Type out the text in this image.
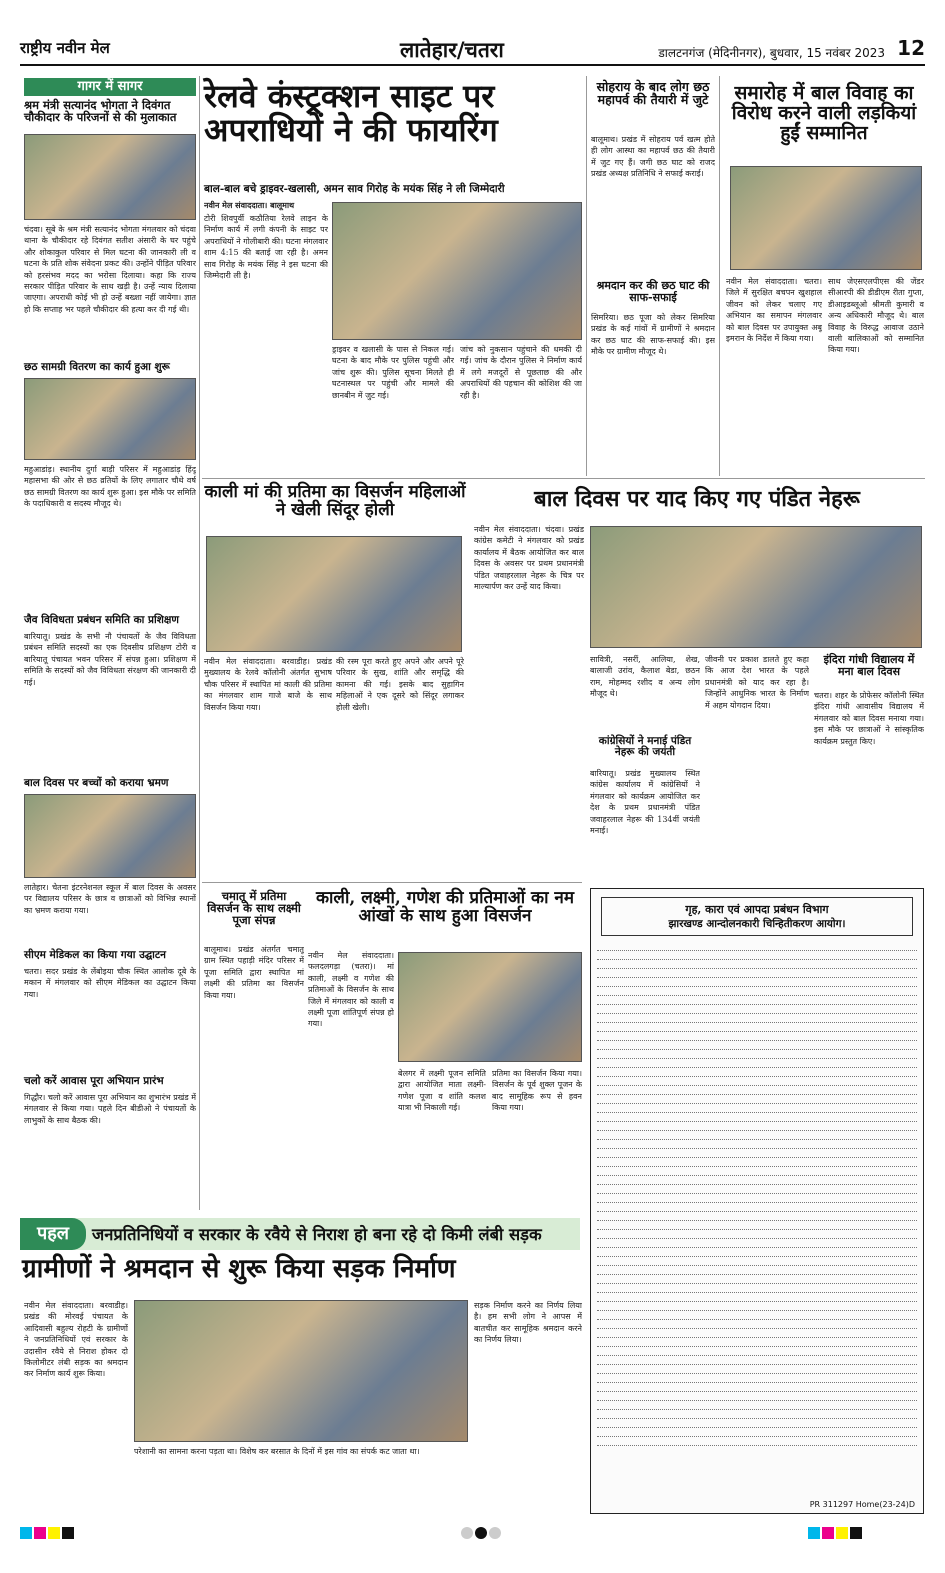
राष्ट्रीय नवीन मेल	लातेहार/चतरा	डालटनगंज (मेदिनीनगर), बुधवार, 15 नवंबर 2023 12
गागर में सागर
श्रम मंत्री सत्यानंद भोगता ने दिवंगत चौकीदार के परिजनों से की मुलाकात
चंदवा। सूबे के श्रम मंत्री सत्यानंद भोगता मंगलवार को चंदवा थाना के चौकीदार रहे दिवंगत सतीश अंसारी के घर पहुंचे और शोकाकुल परिवार से मिल घटना की जानकारी ली व घटना के प्रति शोक संवेदना प्रकट की। उन्होंने पीड़ित परिवार को हरसंभव मदद का भरोसा दिलाया। कहा कि राज्य सरकार पीड़ित परिवार के साथ खड़ी है। उन्हें न्याय दिलाया जाएगा। अपराधी कोई भी हो उन्हें बख्शा नहीं जायेगा। ज्ञात हो कि सप्ताह भर पहले चौकीदार की हत्या कर दी गई थी।
छठ सामग्री वितरण का कार्य हुआ शुरू
महुआडांड़। स्थानीय दुर्गा बाड़ी परिसर में महुआडांड़ हिंदू महासभा की ओर से छठ व्रतियों के लिए लगातार चौथे वर्ष छठ सामग्री वितरण का कार्य शुरू हुआ। इस मौके पर समिति के पदाधिकारी व सदस्य मौजूद थे।
जैव विविधता प्रबंधन समिति का प्रशिक्षण
बारियातू। प्रखंड के सभी नौ पंचायतों के जैव विविधता प्रबंधन समिति सदस्यों का एक दिवसीय प्रशिक्षण टोरी व बारियातू पंचायत भवन परिसर में संपन्न हुआ। प्रशिक्षण में समिति के सदस्यों को जैव विविधता संरक्षण की जानकारी दी गई।
बाल दिवस पर बच्चों को कराया भ्रमण
लातेहार। चेतना इंटरनेशनल स्कूल में बाल दिवस के अवसर पर विद्यालय परिसर के छात्र व छात्राओं को विभिन्न स्थानों का भ्रमण कराया गया।
सीएम मेडिकल का किया गया उद्घाटन
चतरा। सदर प्रखंड के लेंबोइया चौक स्थित आलोक दूबे के मकान में मंगलवार को सीएम मेडिकल का उद्घाटन किया गया।
चलो करें आवास पूरा अभियान प्रारंभ
गिद्धौर। चलो करें आवास पूरा अभियान का शुभारंभ प्रखंड में मंगलवार से किया गया। पहले दिन बीडीओ ने पंचायतों के लाभुकों के साथ बैठक की।
रेलवे कंस्ट्रक्शन साइट पर अपराधियों ने की फायरिंग
बाल-बाल बचे ड्राइवर-खलासी, अमन साव गिरोह के मयंक सिंह ने ली जिम्मेदारी
नवीन मेल संवाददाता। बालूमाथ
टोरी शिवपुर्वी कठौतिया रेलवे लाइन के निर्माण कार्य में लगी कंपनी के साइट पर अपराधियों ने गोलीबारी की। घटना मंगलवार शाम 4:15 की बताई जा रही है। अमन साव गिरोह के मयंक सिंह ने इस घटना की जिम्मेदारी ली है।
ड्राइवर व खलासी के पास से निकल गई। घटना के बाद मौके पर पुलिस पहुंची और जांच शुरू की। पुलिस सूचना मिलते ही घटनास्थल पर पहुंची और मामले की छानबीन में जुट गई।
जांच को नुकसान पहुंचाने की धमकी दी गई। जांच के दौरान पुलिस ने निर्माण कार्य में लगे मजदूरों से पूछताछ की और अपराधियों की पहचान की कोशिश की जा रही है।
सोहराय के बाद लोग छठ महापर्व की तैयारी में जुटे
बालूमाथ। प्रखंड में सोहराय पर्व खत्म होते ही लोग आस्था का महापर्व छठ की तैयारी में जुट गए हैं। जगी छठ घाट को राजद प्रखंड अध्यक्ष प्रतिनिधि ने सफाई कराई।
श्रमदान कर की छठ घाट की साफ-सफाई
सिमरिया। छठ पूजा को लेकर सिमरिया प्रखंड के कई गांवों में ग्रामीणों ने श्रमदान कर छठ घाट की साफ-सफाई की। इस मौके पर ग्रामीण मौजूद थे।
समारोह में बाल विवाह का विरोध करने वाली लड़कियां हुईं सम्मानित
नवीन मेल संवाददाता। चतरा। जिले में सुरक्षित बचपन खुशहाल जीवन को लेकर चलाए गए अभियान का समापन मंगलवार को बाल दिवस पर उपायुक्त अबू इमरान के निर्देश में किया गया।
साथ जेएसएलपीएस की जेंडर सीआरपी की डीडीएम रीता गुप्ता, डीआइडब्लूओ श्रीमती कुमारी व अन्य अधिकारी मौजूद थे। बाल विवाह के विरुद्ध आवाज उठाने वाली बालिकाओं को सम्मानित किया गया।
काली मां की प्रतिमा का विसर्जन महिलाओं ने खेली सिंदूर होली
नवीन मेल संवाददाता। बरवाडीह। प्रखंड मुख्यालय के रेलवे कॉलोनी अंतर्गत सुभाष चौक परिसर में स्थापित मां काली की प्रतिमा का मंगलवार शाम गाजे बाजे के साथ विसर्जन किया गया।
की रस्म पूरा करते हुए अपने और अपने पूरे परिवार के सुख, शांति और समृद्धि की कामना की गई। इसके बाद सुहागिन महिलाओं ने एक दूसरे को सिंदूर लगाकर होली खेली।
बाल दिवस पर याद किए गए पंडित नेहरू
नवीन मेल संवाददाता। चंदवा। प्रखंड कांग्रेस कमेटी ने मंगलवार को प्रखंड कार्यालय में बैठक आयोजित कर बाल दिवस के अवसर पर प्रथम प्रधानमंत्री पंडित जवाहरलाल नेहरू के चित्र पर माल्यार्पण कर उन्हें याद किया।
सावित्री, नसरीं, आलिया, शेख, बालाजी उरांव, कैलाश बेडा, छठन राम, मोहम्मद रशीद व अन्य लोग मौजूद थे।
कांग्रेसियों ने मनाई पंडित नेहरू की जयंती
बारियातू। प्रखंड मुख्यालय स्थित कांग्रेस कार्यालय में कांग्रेसियों ने मंगलवार को कार्यक्रम आयोजित कर देश के प्रथम प्रधानमंत्री पंडित जवाहरलाल नेहरू की 134वीं जयंती मनाई।
जीवनी पर प्रकाश डालते हुए कहा कि आज देश भारत के पहले प्रधानमंत्री को याद कर रहा है। जिन्होंने आधुनिक भारत के निर्माण में अहम योगदान दिया।
इंदिरा गांधी विद्यालय में मना बाल दिवस
चतरा। शहर के प्रोफेसर कॉलोनी स्थित इंदिरा गांधी आवासीय विद्यालय में मंगलवार को बाल दिवस मनाया गया। इस मौके पर छात्राओं ने सांस्कृतिक कार्यक्रम प्रस्तुत किए।
चमातू में प्रतिमा विसर्जन के साथ लक्ष्मी पूजा संपन्न
बालूमाथ। प्रखंड अंतर्गत चमातू ग्राम स्थित पहाड़ी मंदिर परिसर में पूजा समिति द्वारा स्थापित मां लक्ष्मी की प्रतिमा का विसर्जन किया गया।
काली, लक्ष्मी, गणेश की प्रतिमाओं का नम आंखों के साथ हुआ विसर्जन
नवीन मेल संवाददाता। फलदलगड़ा (चतरा)। मां काली, लक्ष्मी व गणेश की प्रतिमाओं के विसर्जन के साथ जिले में मंगलवार को काली व लक्ष्मी पूजा शांतिपूर्ण संपन्न हो गया।
बेलगर में लक्ष्मी पूजन समिति द्वारा आयोजित माता लक्ष्मी-गणेश पूजा व शांति कलश यात्रा भी निकाली गई।
प्रतिमा का विसर्जन किया गया। विसर्जन के पूर्व शुक्ल पूजन के बाद सामूहिक रूप से हवन किया गया।
गृह, कारा एवं आपदा प्रबंधन विभाग
झारखण्ड आन्दोलनकारी चिन्हितीकरण आयोग।
PR 311297 Home(23-24)D
पहल	जनप्रतिनिधियों व सरकार के रवैये से निराश हो बना रहे दो किमी लंबी सड़क
ग्रामीणों ने श्रमदान से शुरू किया सड़क निर्माण
नवीन मेल संवाददाता। बरवाडीह। प्रखंड की मोरवई पंचायत के आदिवासी बहुल्य रोहटी के ग्रामीणों ने जनप्रतिनिधियों एवं सरकार के उदासीन रवैये से निराश होकर दो किलोमीटर लंबी सड़क का श्रमदान कर निर्माण कार्य शुरू किया।
परेशानी का सामना करना पड़ता था। विशेष कर बरसात के दिनों में इस गांव का संपर्क कट जाता था।
सड़क निर्माण करने का निर्णय लिया है। हम सभी लोग ने आपस में बातचीत कर सामूहिक श्रमदान करने का निर्णय लिया।
